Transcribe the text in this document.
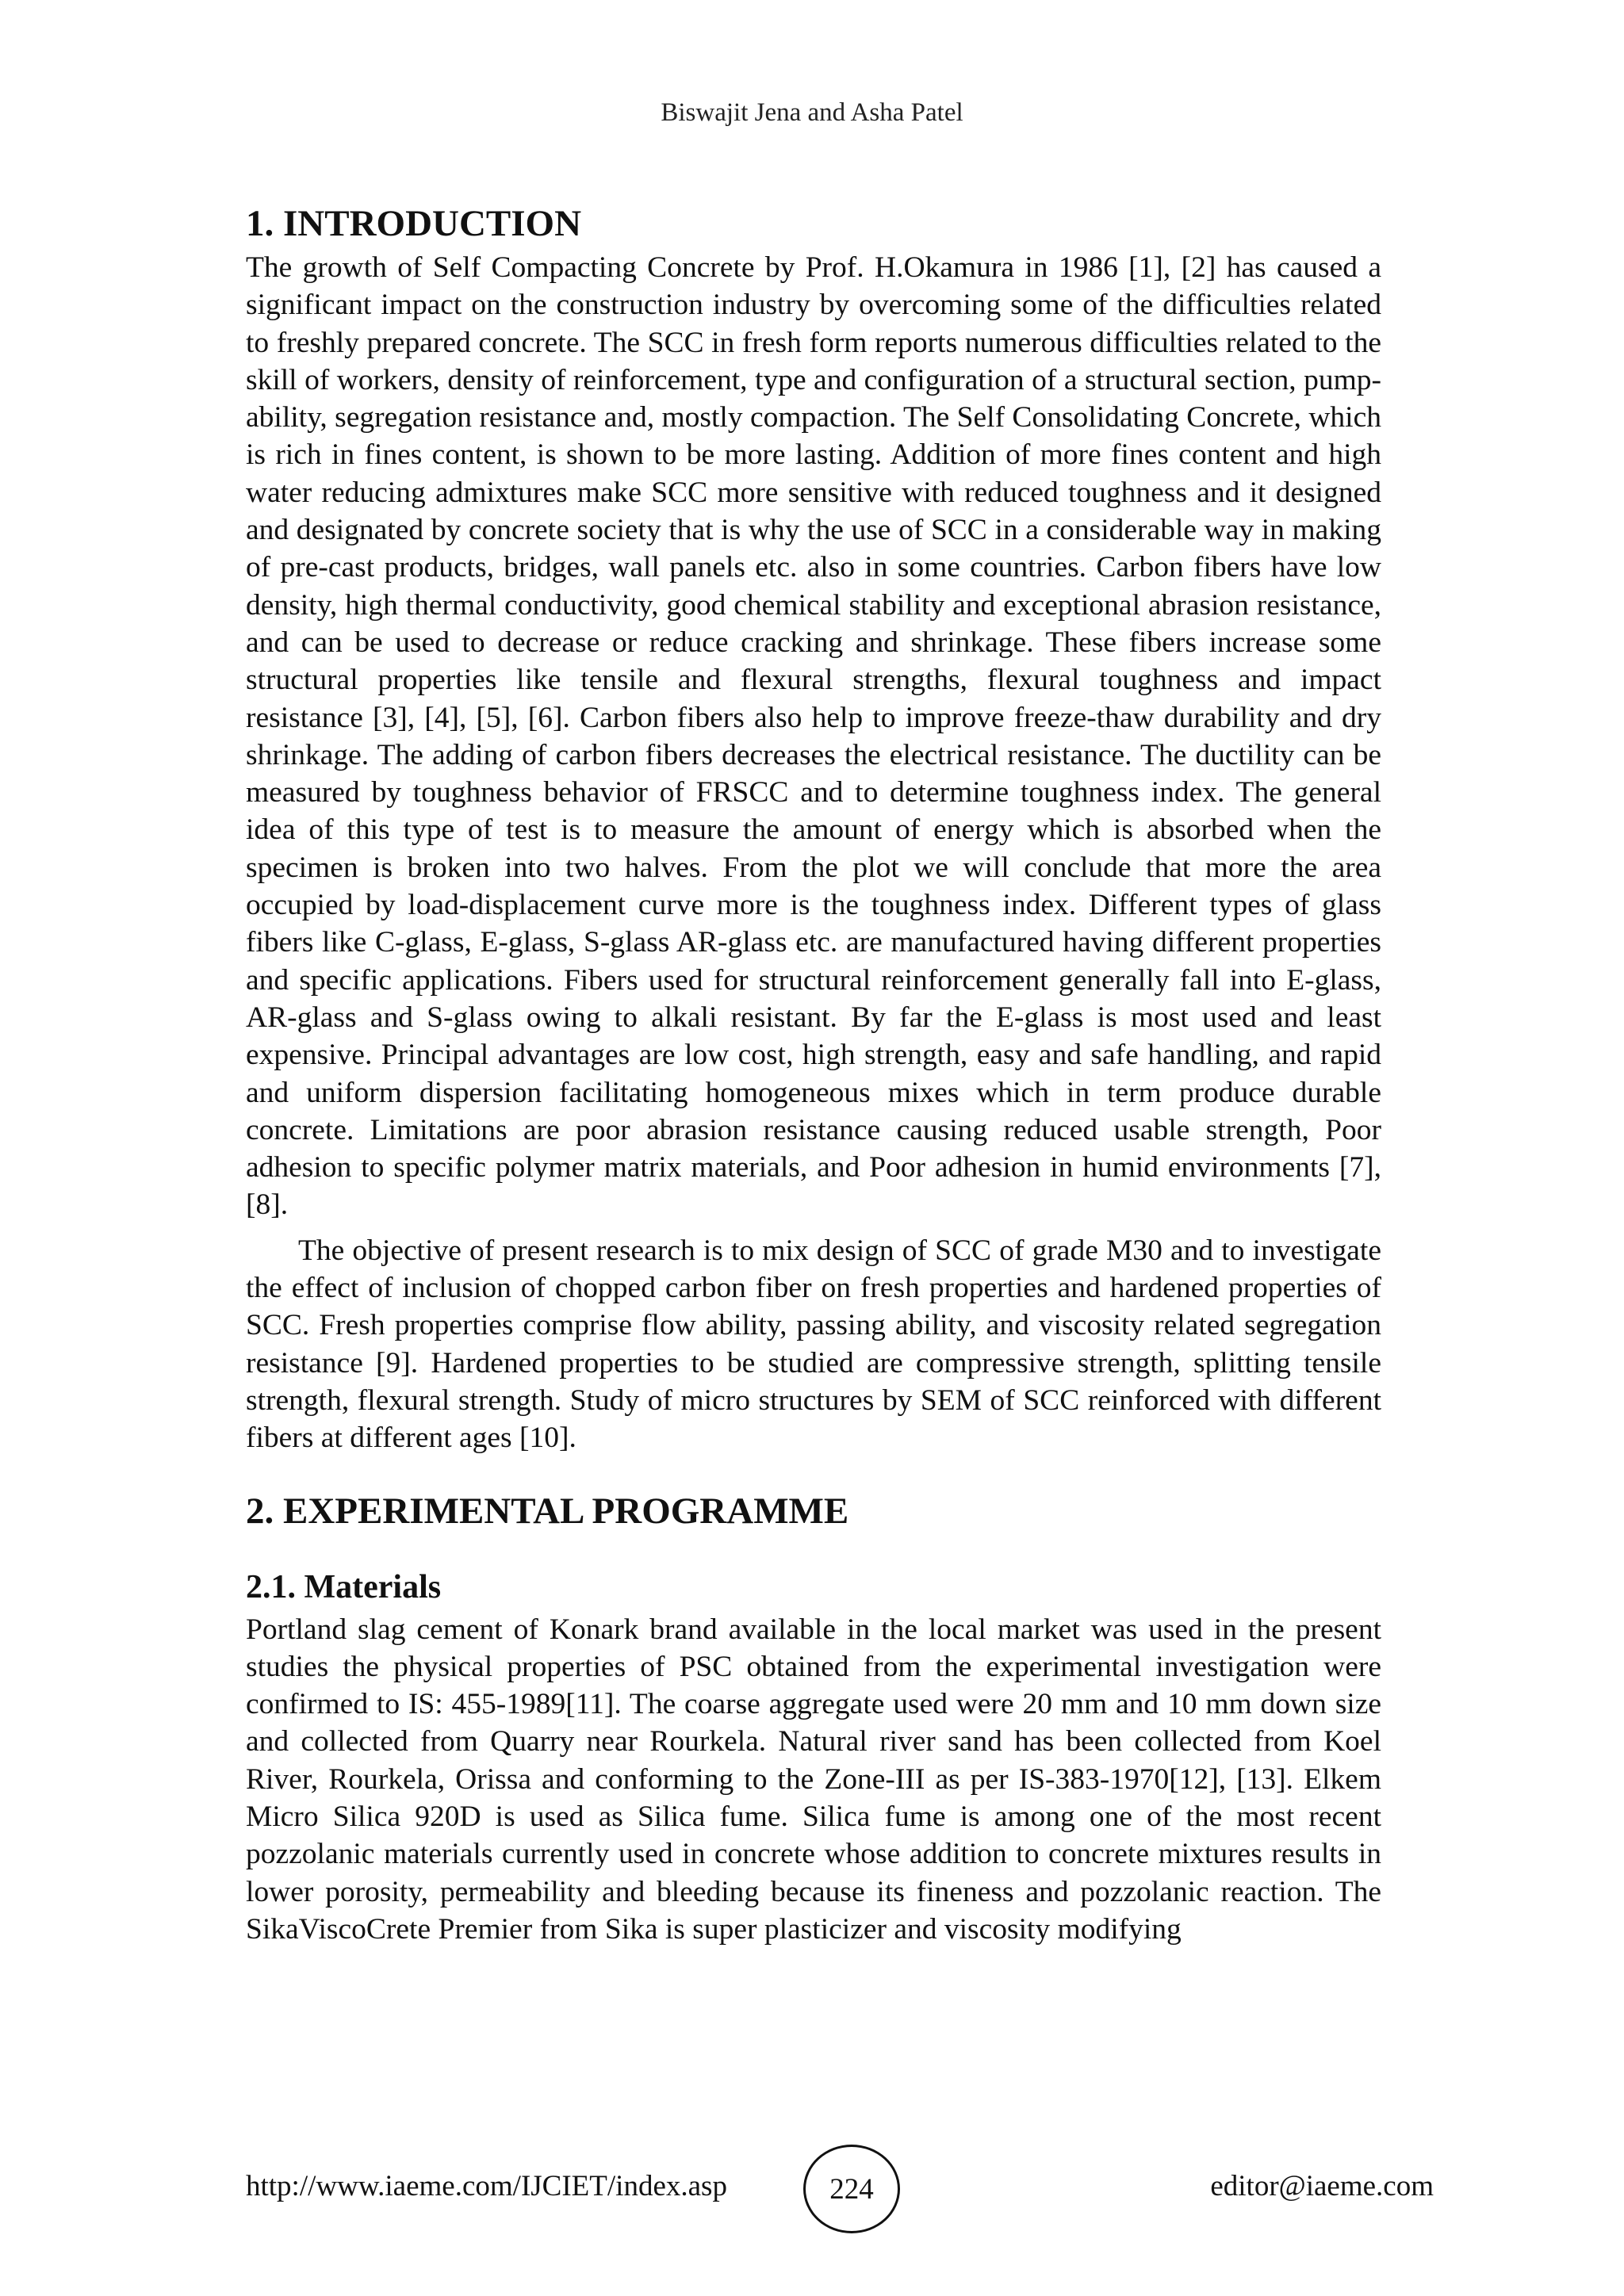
Biswajit Jena and Asha Patel
1. INTRODUCTION

The growth of Self Compacting Concrete by Prof. H.Okamura in 1986 [1], [2] has caused a significant impact on the construction industry by overcoming some of the difficulties related to freshly prepared concrete. The SCC in fresh form reports numerous difficulties related to the skill of workers, density of reinforcement, type and configuration of a structural section, pump-ability, segregation resistance and, mostly compaction. The Self Consolidating Concrete, which is rich in fines content, is shown to be more lasting. Addition of more fines content and high water reducing admixtures make SCC more sensitive with reduced toughness and it designed and designated by concrete society that is why the use of SCC in a considerable way in making of pre-cast products, bridges, wall panels etc. also in some countries. Carbon fibers have low density, high thermal conductivity, good chemical stability and exceptional abrasion resistance, and can be used to decrease or reduce cracking and shrinkage. These fibers increase some structural properties like tensile and flexural strengths, flexural toughness and impact resistance [3], [4], [5], [6]. Carbon fibers also help to improve freeze-thaw durability and dry shrinkage. The adding of carbon fibers decreases the electrical resistance. The ductility can be measured by toughness behavior of FRSCC and to determine toughness index. The general idea of this type of test is to measure the amount of energy which is absorbed when the specimen is broken into two halves. From the plot we will conclude that more the area occupied by load-displacement curve more is the toughness index. Different types of glass fibers like C-glass, E-glass, S-glass AR-glass etc. are manufactured having different properties and specific applications. Fibers used for structural reinforcement generally fall into E-glass, AR-glass and S-glass owing to alkali resistant. By far the E-glass is most used and least expensive. Principal advantages are low cost, high strength, easy and safe handling, and rapid and uniform dispersion facilitating homogeneous mixes which in term produce durable concrete. Limitations are poor abrasion resistance causing reduced usable strength, Poor adhesion to specific polymer matrix materials, and Poor adhesion in humid environments [7], [8].

The objective of present research is to mix design of SCC of grade M30 and to investigate the effect of inclusion of chopped carbon fiber on fresh properties and hardened properties of SCC. Fresh properties comprise flow ability, passing ability, and viscosity related segregation resistance [9]. Hardened properties to be studied are compressive strength, splitting tensile strength, flexural strength. Study of micro structures by SEM of SCC reinforced with different fibers at different ages [10].

2. EXPERIMENTAL PROGRAMME
2.1. Materials

Portland slag cement of Konark brand available in the local market was used in the present studies the physical properties of PSC obtained from the experimental investigation were confirmed to IS: 455-1989[11]. The coarse aggregate used were 20 mm and 10 mm down size and collected from Quarry near Rourkela. Natural river sand has been collected from Koel River, Rourkela, Orissa and conforming to the Zone-III as per IS-383-1970[12], [13]. Elkem Micro Silica 920D is used as Silica fume. Silica fume is among one of the most recent pozzolanic materials currently used in concrete whose addition to concrete mixtures results in lower porosity, permeability and bleeding because its fineness and pozzolanic reaction. The SikaViscoCrete Premier from Sika is super plasticizer and viscosity modifying

http://www.iaeme.com/IJCIET/index.asp	224	editor@iaeme.com
